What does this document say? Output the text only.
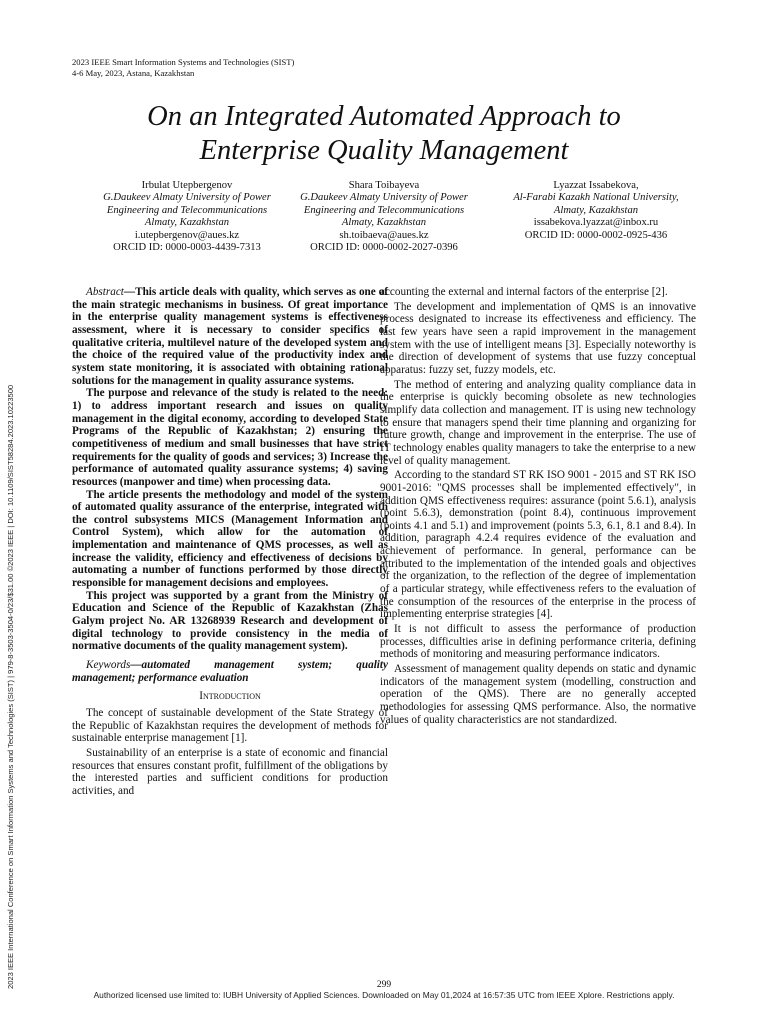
2023 IEEE Smart Information Systems and Technologies (SIST)
4-6 May, 2023, Astana, Kazakhstan
On an Integrated Automated Approach to
Enterprise Quality Management
Irbulat Utepbergenov
G.Daukeev Almaty University of Power
Engineering and Telecommunications
Almaty, Kazakhstan
i.utepbergenov@aues.kz
ORCID ID: 0000-0003-4439-7313
Shara Toibayeva
G.Daukeev Almaty University of Power
Engineering and Telecommunications
Almaty, Kazakhstan
sh.toibaeva@aues.kz
ORCID ID: 0000-0002-2027-0396
Lyazzat Issabekova,
Al-Farabi Kazakh National University,
Almaty, Kazakhstan
issabekova.lyazzat@inbox.ru
ORCID ID: 0000-0002-0925-436
2023 IEEE International Conference on Smart Information Systems and Technologies (SIST) | 979-8-3503-3504-0/23/$31.00 ©2023 IEEE | DOI: 10.1109/SIST58284.2023.10223500

Abstract—This article deals with quality, which serves as one of the main strategic mechanisms in business. Of great importance in the enterprise quality management systems is effectiveness assessment, where it is necessary to consider specifics of qualitative criteria, multilevel nature of the developed system and the choice of the required value of the productivity index and system state monitoring, it is associated with obtaining rational solutions for the management in quality assurance systems.

The purpose and relevance of the study is related to the need: 1) to address important research and issues on quality management in the digital economy, according to developed State Programs of the Republic of Kazakhstan; 2) ensuring the competitiveness of medium and small businesses that have strict requirements for the quality of goods and services; 3) Increase the performance of automated quality assurance systems; 4) saving resources (manpower and time) when processing data.

The article presents the methodology and model of the system of automated quality assurance of the enterprise, integrated with the control subsystems MICS (Management Information and Control System), which allow for the automation of implementation and maintenance of QMS processes, as well as increase the validity, efficiency and effectiveness of decisions by automating a number of functions performed by those directly responsible for management decisions and employees.

This project was supported by a grant from the Ministry of Education and Science of the Republic of Kazakhstan (Zhas Galym project No. AR 13268939 Research and development of digital technology to provide consistency in the media of normative documents of the quality management system).

Keywords—automated management system; quality management; performance evaluation

Introduction

The concept of sustainable development of the State Strategy of the Republic of Kazakhstan requires the development of methods for sustainable enterprise management [1].

Sustainability of an enterprise is a state of economic and financial resources that ensures constant profit, fulfillment of the obligations by the interested parties and sufficient conditions for production activities, and

accounting the external and internal factors of the enterprise [2].

The development and implementation of QMS is an innovative process designated to increase its effectiveness and efficiency. The last few years have seen a rapid improvement in the management system with the use of intelligent means [3]. Especially noteworthy is the direction of development of systems that use fuzzy conceptual apparatus: fuzzy set, fuzzy models, etc.

The method of entering and analyzing quality compliance data in the enterprise is quickly becoming obsolete as new technologies simplify data collection and management. IT is using new technology to ensure that managers spend their time planning and organizing for future growth, change and improvement in the enterprise. The use of IT technology enables quality managers to take the enterprise to a new level of quality management.

According to the standard ST RK ISO 9001 - 2015 and ST RK ISO 9001-2016: "QMS processes shall be implemented effectively", in addition QMS effectiveness requires: assurance (point 5.6.1), analysis (point 5.6.3), demonstration (point 8.4), continuous improvement (points 4.1 and 5.1) and improvement (points 5.3, 6.1, 8.1 and 8.4). In addition, paragraph 4.2.4 requires evidence of the evaluation and achievement of performance. In general, performance can be attributed to the implementation of the intended goals and objectives of the organization, to the reflection of the degree of implementation of a particular strategy, while effectiveness refers to the evaluation of the consumption of the resources of the enterprise in the process of implementing enterprise strategies [4].

It is not difficult to assess the performance of production processes, difficulties arise in defining performance criteria, defining methods of monitoring and measuring performance indicators.

Assessment of management quality depends on static and dynamic indicators of the management system (modelling, construction and operation of the QMS). There are no generally accepted methodologies for assessing QMS performance. Also, the normative values of quality characteristics are not standardized.

299
Authorized licensed use limited to: IUBH University of Applied Sciences. Downloaded on May 01,2024 at 16:57:35 UTC from IEEE Xplore. Restrictions apply.
